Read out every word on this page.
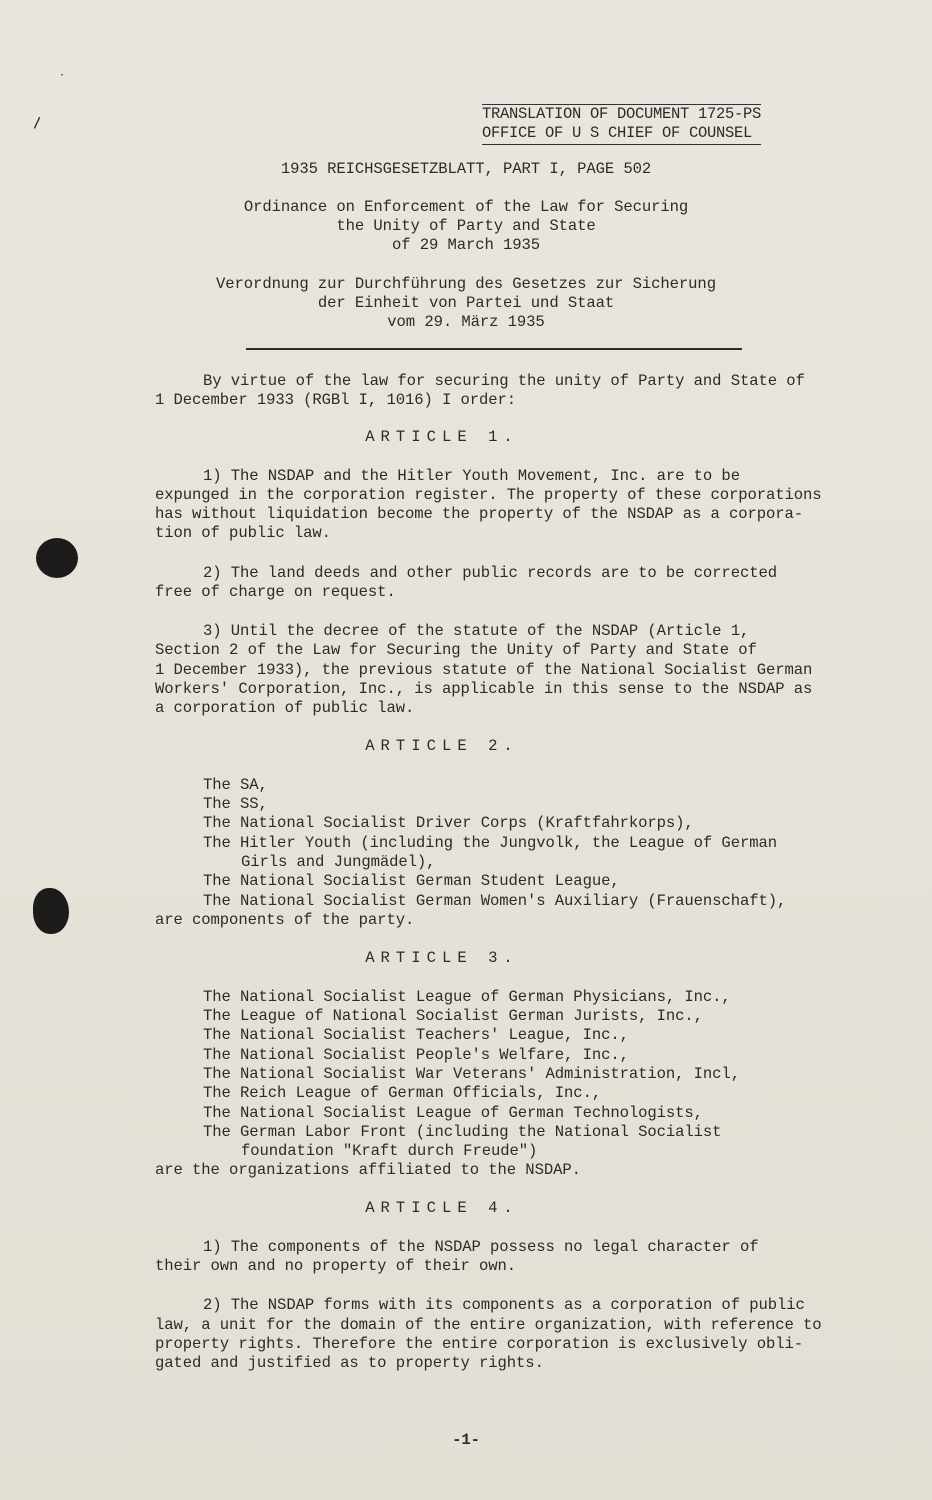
⸝
·
TRANSLATION OF DOCUMENT 1725-PS
OFFICE OF U S CHIEF OF COUNSEL
1935 REICHSGESETZBLATT, PART I, PAGE 502
Ordinance on Enforcement of the Law for Securing
the Unity of Party and State
of 29 March 1935
Verordnung zur Durchführung des Gesetzes zur Sicherung
der Einheit von Partei und Staat
vom 29. März 1935
By virtue of the law for securing the unity of Party and State of
1 December 1933 (RGBl I, 1016) I order:
ARTICLE 1.
1) The NSDAP and the Hitler Youth Movement, Inc. are to be
expunged in the corporation register. The property of these corporations
has without liquidation become the property of the NSDAP as a corpora-
tion of public law.
2) The land deeds and other public records are to be corrected
free of charge on request.
3) Until the decree of the statute of the NSDAP (Article 1,
Section 2 of the Law for Securing the Unity of Party and State of
1 December 1933), the previous statute of the National Socialist German
Workers' Corporation, Inc., is applicable in this sense to the NSDAP as
a corporation of public law.
ARTICLE 2.
The SA,
The SS,
The National Socialist Driver Corps (Kraftfahrkorps),
The Hitler Youth (including the Jungvolk, the League of German
Girls and Jungmädel),
The National Socialist German Student League,
The National Socialist German Women's Auxiliary (Frauenschaft),
are components of the party.
ARTICLE 3.
The National Socialist League of German Physicians, Inc.,
The League of National Socialist German Jurists, Inc.,
The National Socialist Teachers' League, Inc.,
The National Socialist People's Welfare, Inc.,
The National Socialist War Veterans' Administration, Incl,
The Reich League of German Officials, Inc.,
The National Socialist League of German Technologists,
The German Labor Front (including the National Socialist
foundation "Kraft durch Freude")
are the organizations affiliated to the NSDAP.
ARTICLE 4.
1) The components of the NSDAP possess no legal character of
their own and no property of their own.
2) The NSDAP forms with its components as a corporation of public
law, a unit for the domain of the entire organization, with reference to
property rights. Therefore the entire corporation is exclusively obli-
gated and justified as to property rights.
-1-
